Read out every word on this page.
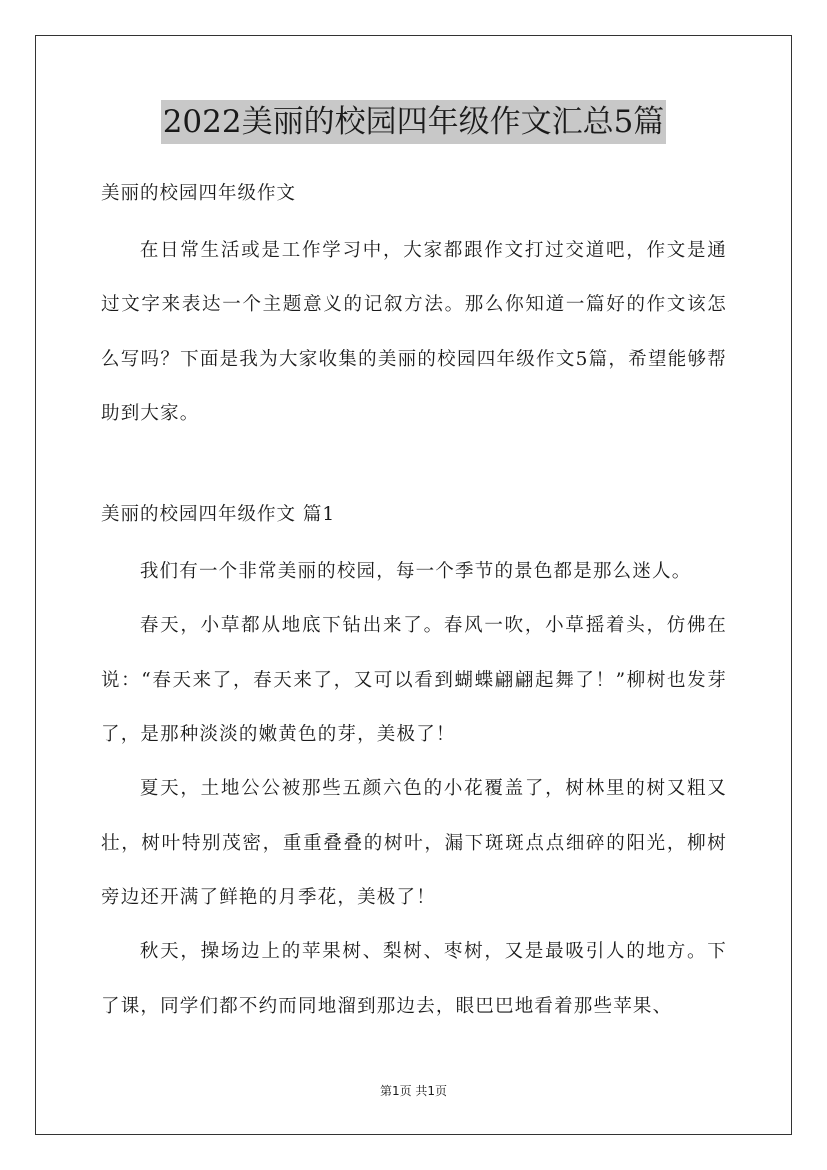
2022美丽的校园四年级作文汇总5篇

美丽的校园四年级作文

在日常生活或是工作学习中，大家都跟作文打过交道吧，作文是通过文字来表达一个主题意义的记叙方法。那么你知道一篇好的作文该怎么写吗？下面是我为大家收集的美丽的校园四年级作文5篇，希望能够帮助到大家。

美丽的校园四年级作文 篇1

我们有一个非常美丽的校园，每一个季节的景色都是那么迷人。

春天，小草都从地底下钻出来了。春风一吹，小草摇着头，仿佛在说：“春天来了，春天来了，又可以看到蝴蝶翩翩起舞了！”柳树也发芽了，是那种淡淡的嫩黄色的芽，美极了！

夏天，土地公公被那些五颜六色的小花覆盖了，树林里的树又粗又壮，树叶特别茂密，重重叠叠的树叶，漏下斑斑点点细碎的阳光，柳树旁边还开满了鲜艳的月季花，美极了！

秋天，操场边上的苹果树、梨树、枣树，又是最吸引人的地方。下了课，同学们都不约而同地溜到那边去，眼巴巴地看着那些苹果、

第1页 共1页
